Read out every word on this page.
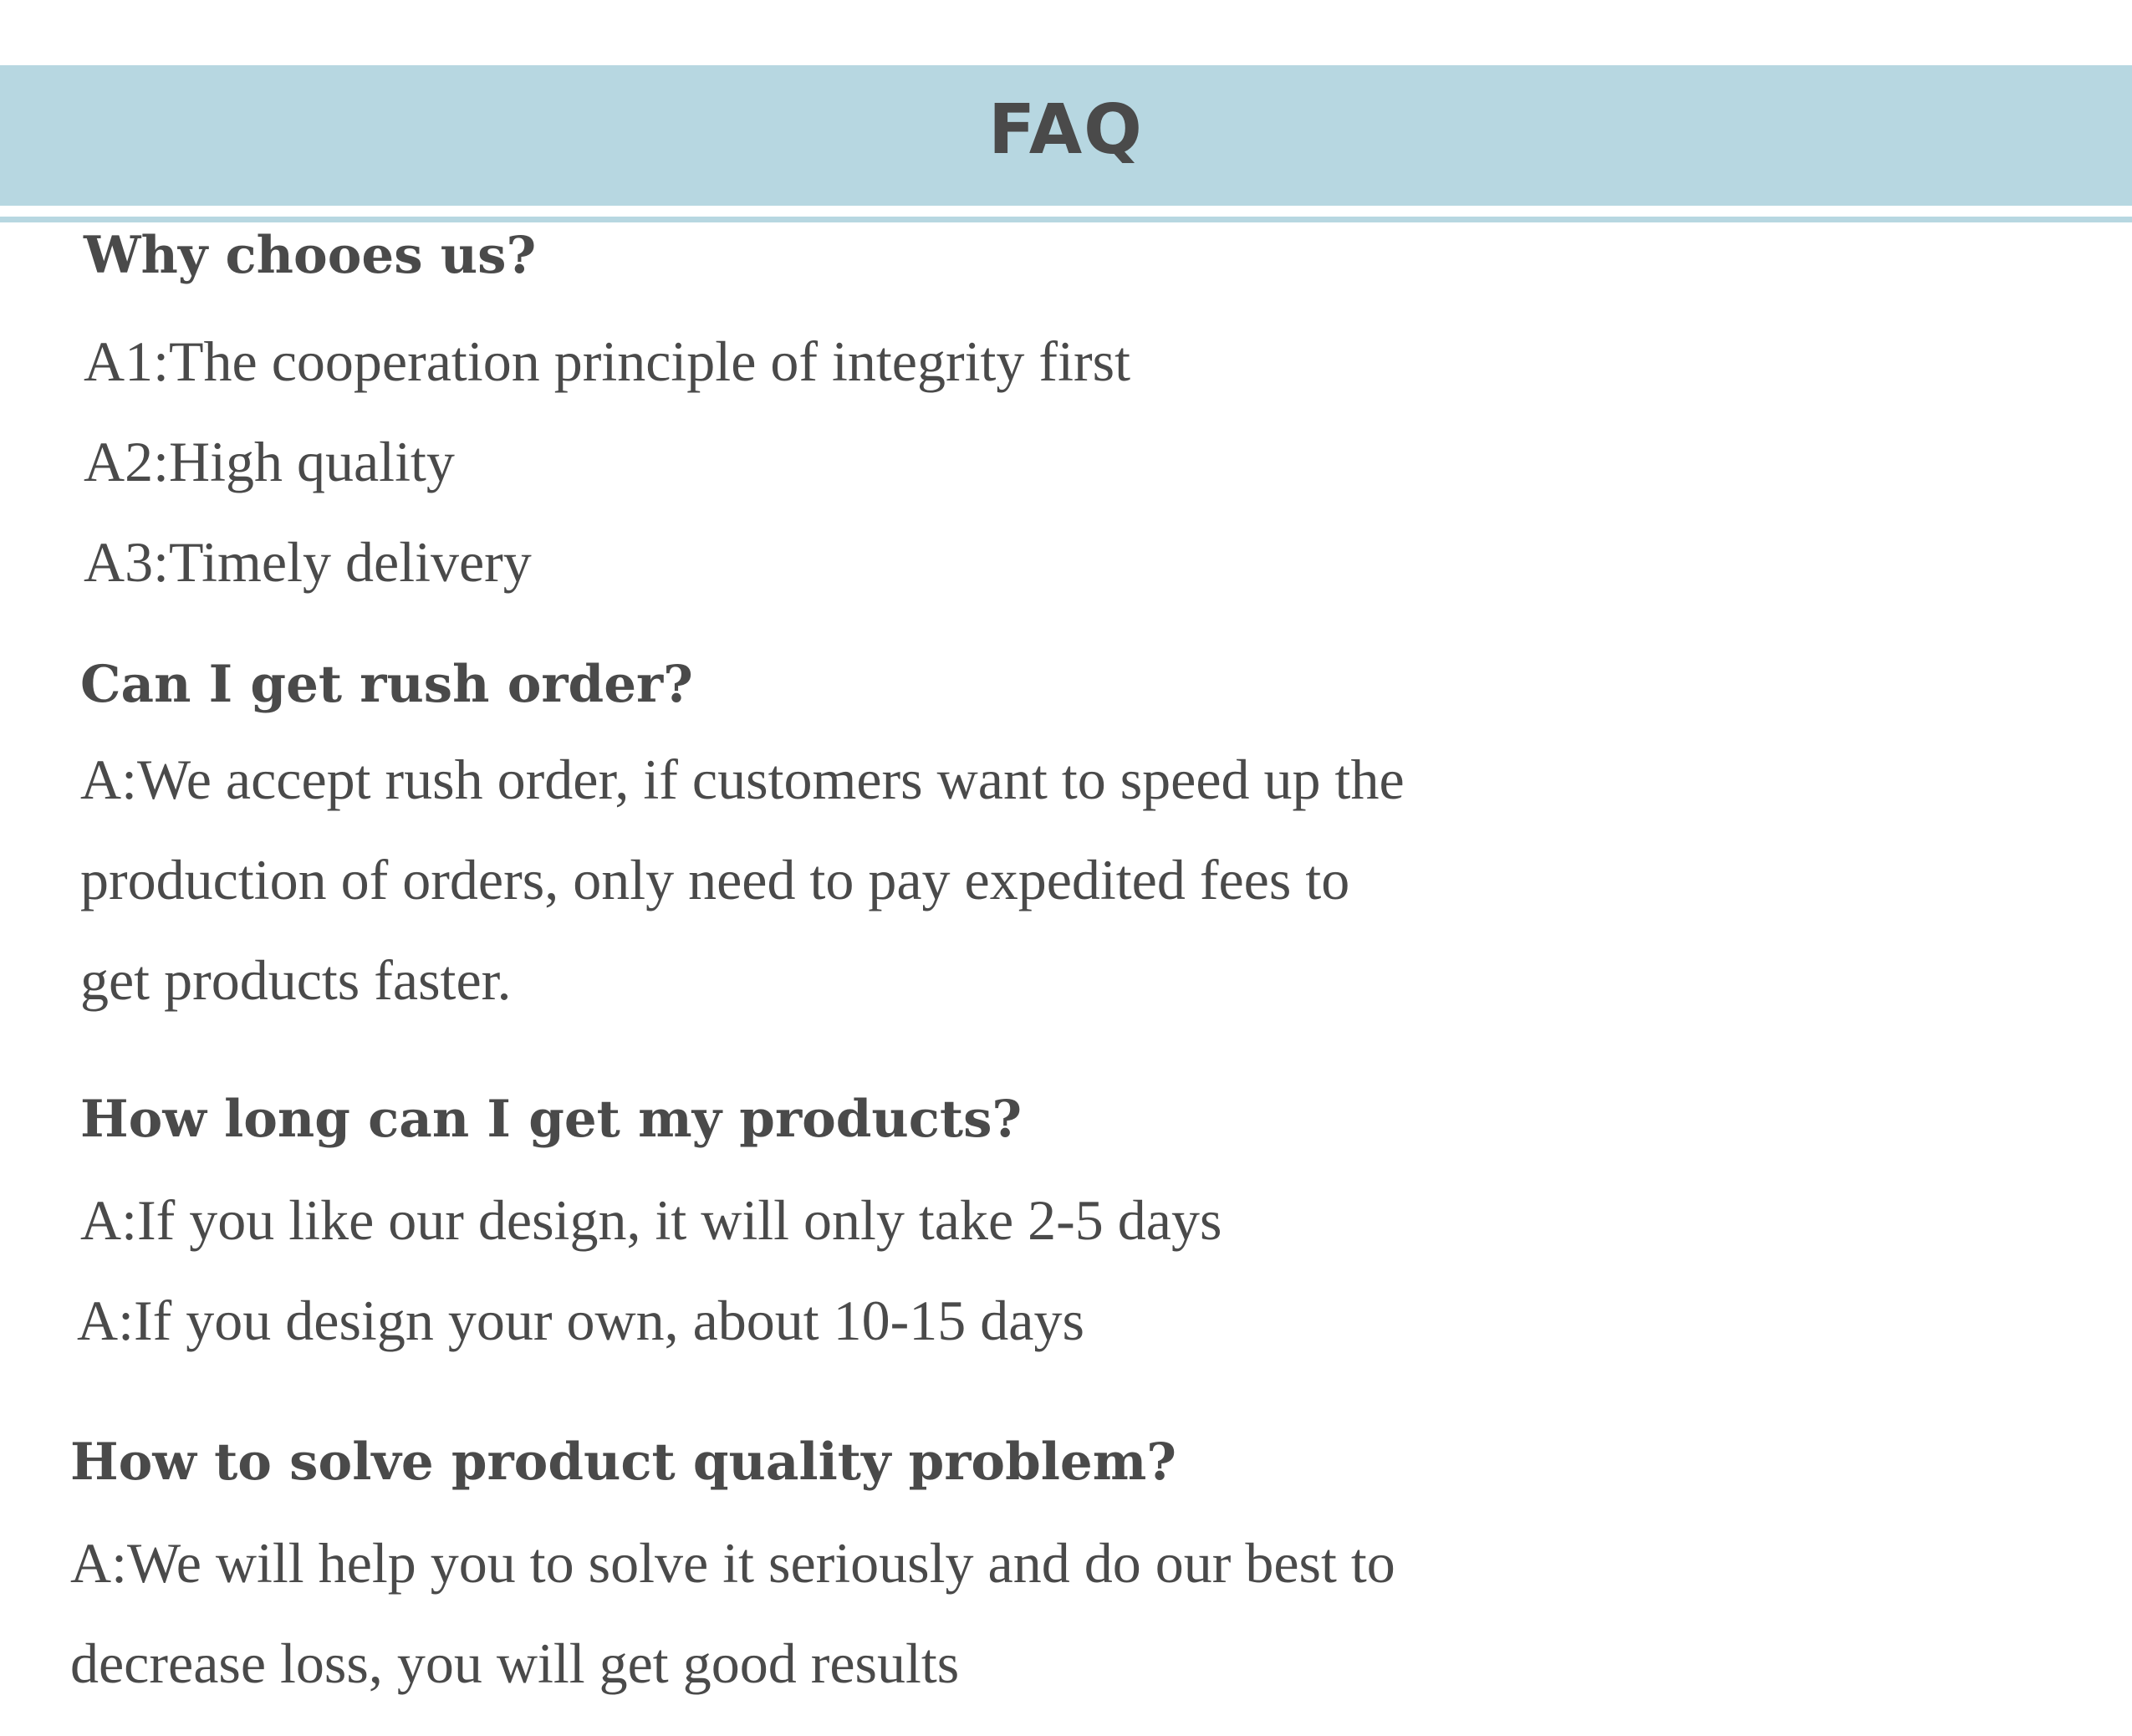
FAQ
Why chooes us?
A1:The cooperation principle of integrity first
A2:High quality
A3:Timely delivery
Can I get rush order?
A:We accept rush order, if customers want to speed up the
production of orders, only need to pay expedited fees to
get products faster.
How long can I get my products?
A:If you like our design, it will only take 2-5 days
A:If you design your own, about 10-15 days
How to solve product quality problem?
A:We will help you to solve it seriously and do our best to
decrease loss, you will get good results
